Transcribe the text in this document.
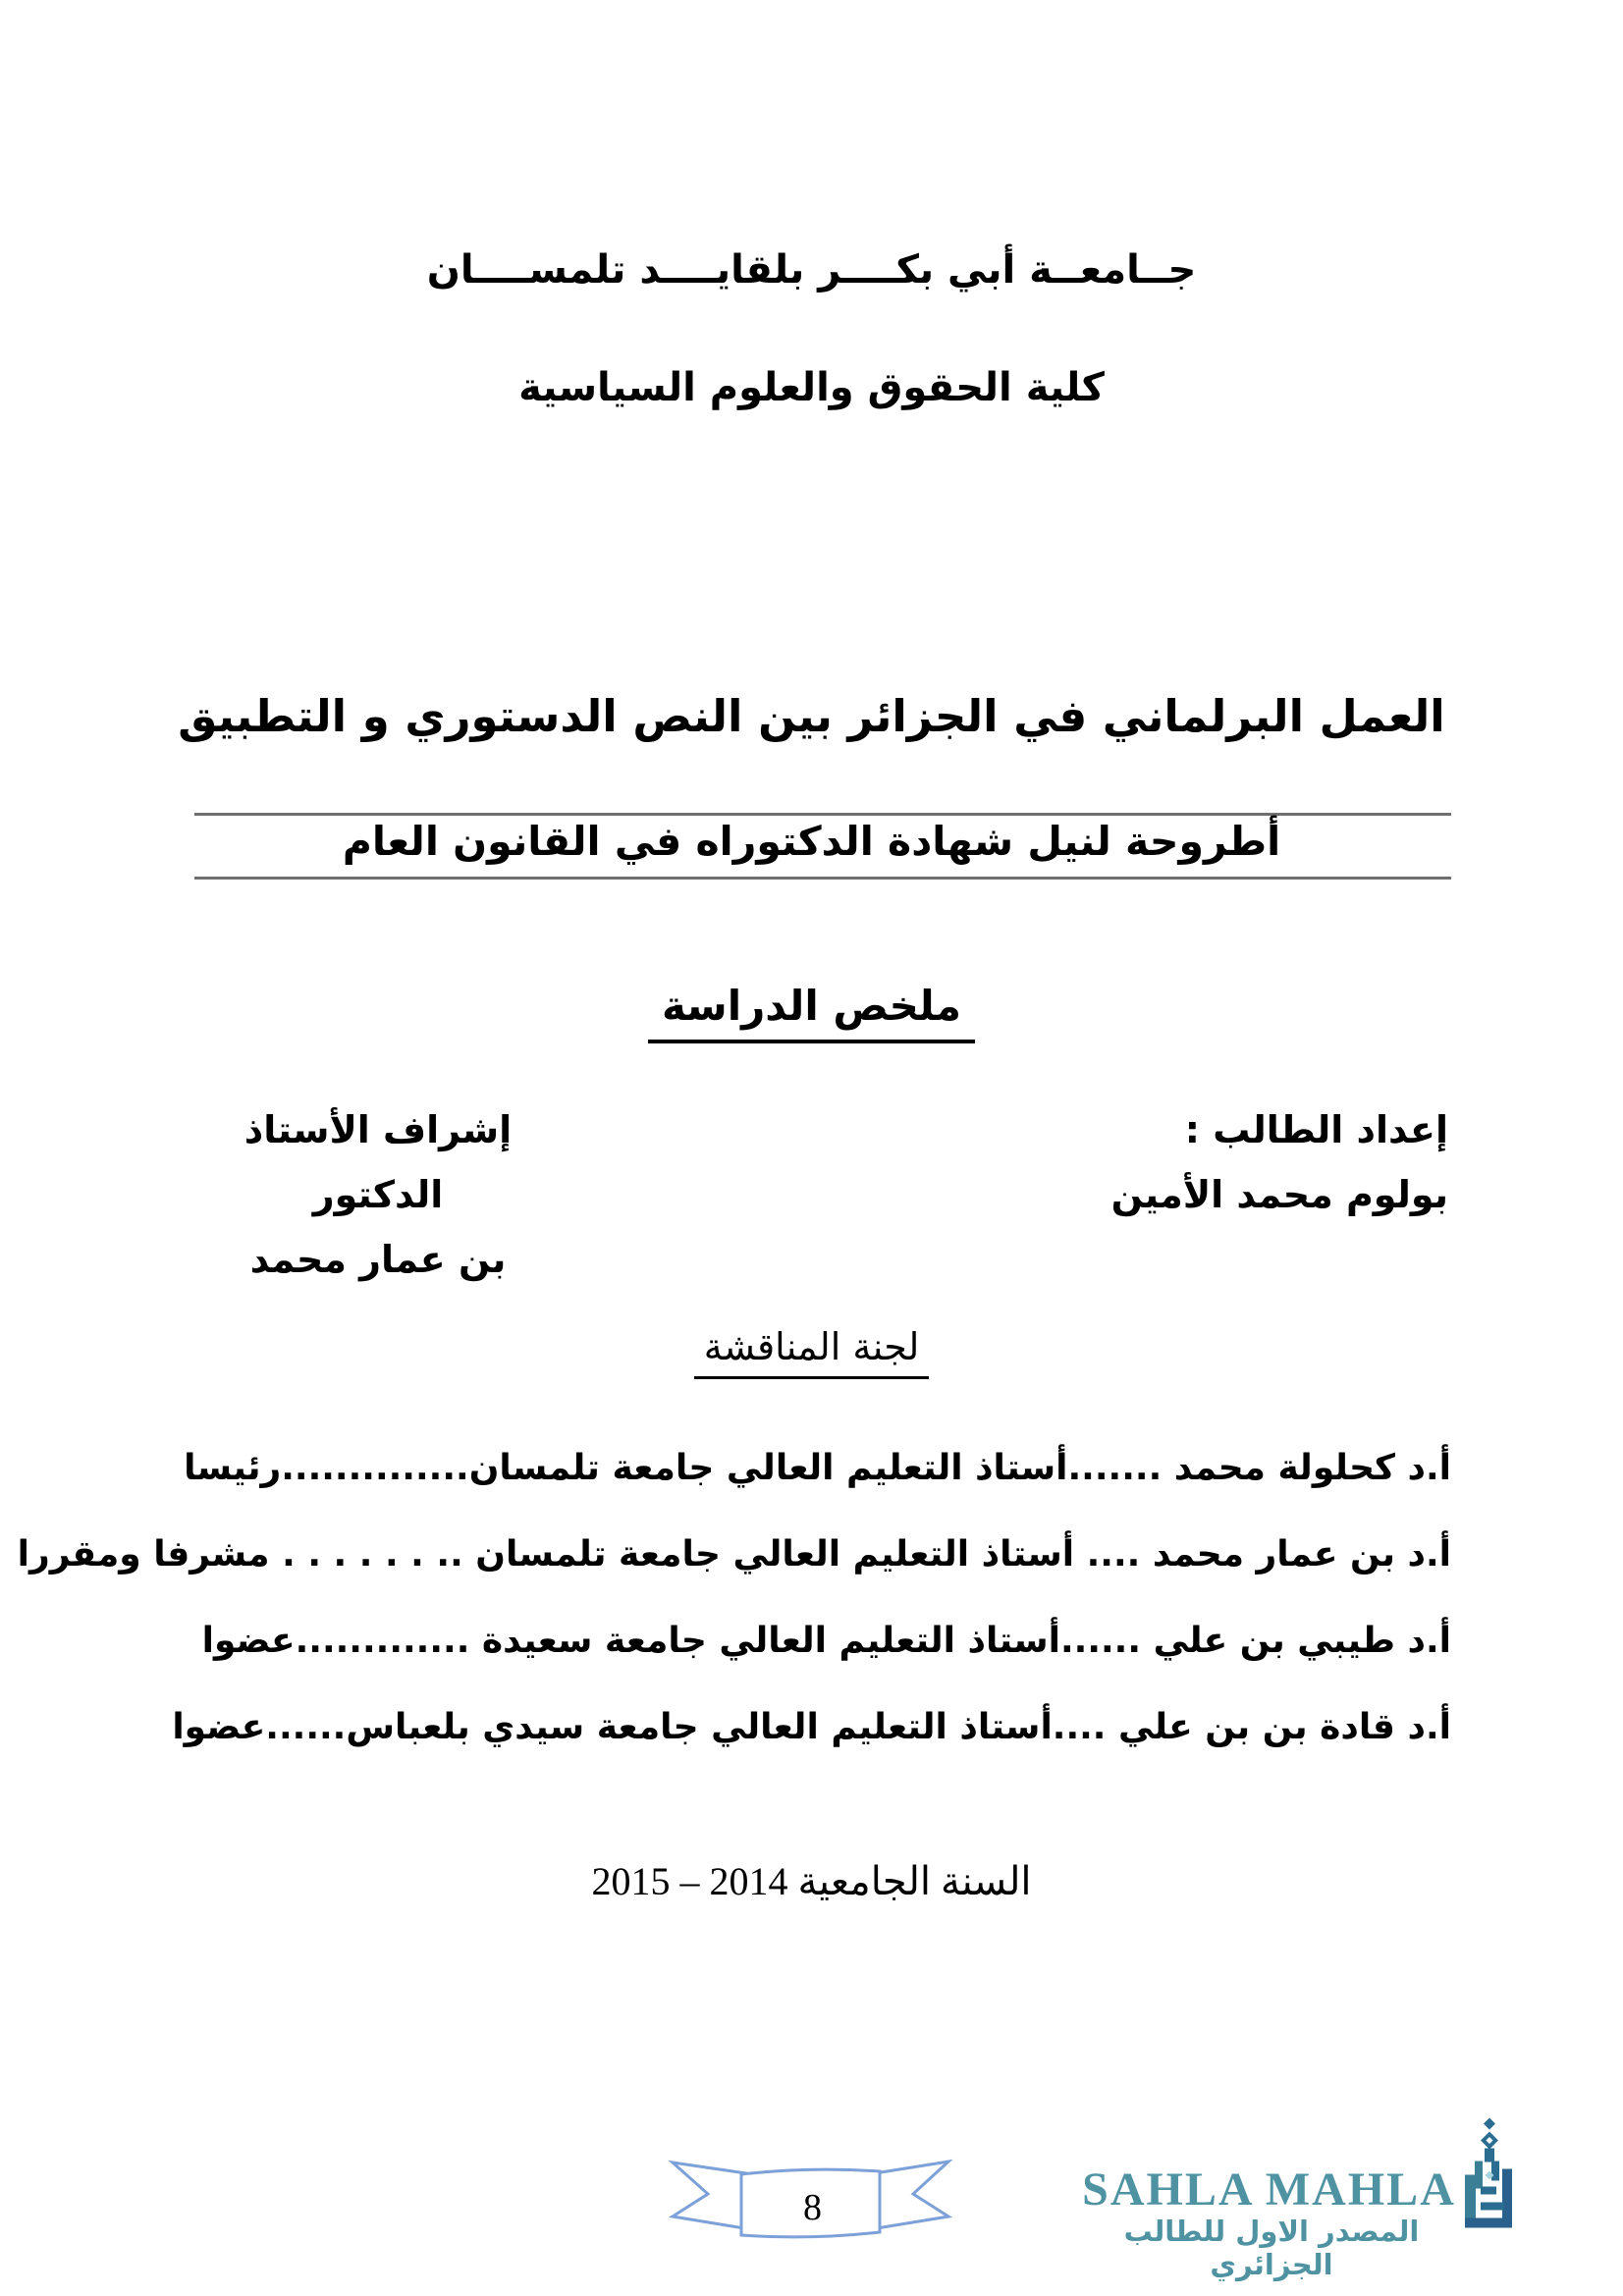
جــامعــة أبي بكــــر بلقايــــد تلمســــان
كلية الحقوق والعلوم السياسية
العمل البرلماني في الجزائر بين النص الدستوري و التطبيق
أطروحة لنيل شهادة الدكتوراه في القانون العام
ملخص الدراسة
إعداد الطالب :
بولوم محمد الأمين
إشراف الأستاذ الدكتور
بن عمار محمد
لجنة المناقشة
أ.د كحلولة محمد .......أستاذ التعليم العالي جامعة تلمسان..............رئيسا
أ.د بن عمار محمد .... أستاذ التعليم العالي جامعة تلمسان .. . . . . . . مشرفا ومقررا
أ.د طيبي بن علي ......أستاذ التعليم العالي جامعة سعيدة .............عضوا
أ.د قادة بن بن علي ....أستاذ التعليم العالي جامعة سيدي بلعباس......عضوا
السنة الجامعية 2014 – 2015
8	SAHLA MAHLA
المصدر الاول للطالب الجزائري
